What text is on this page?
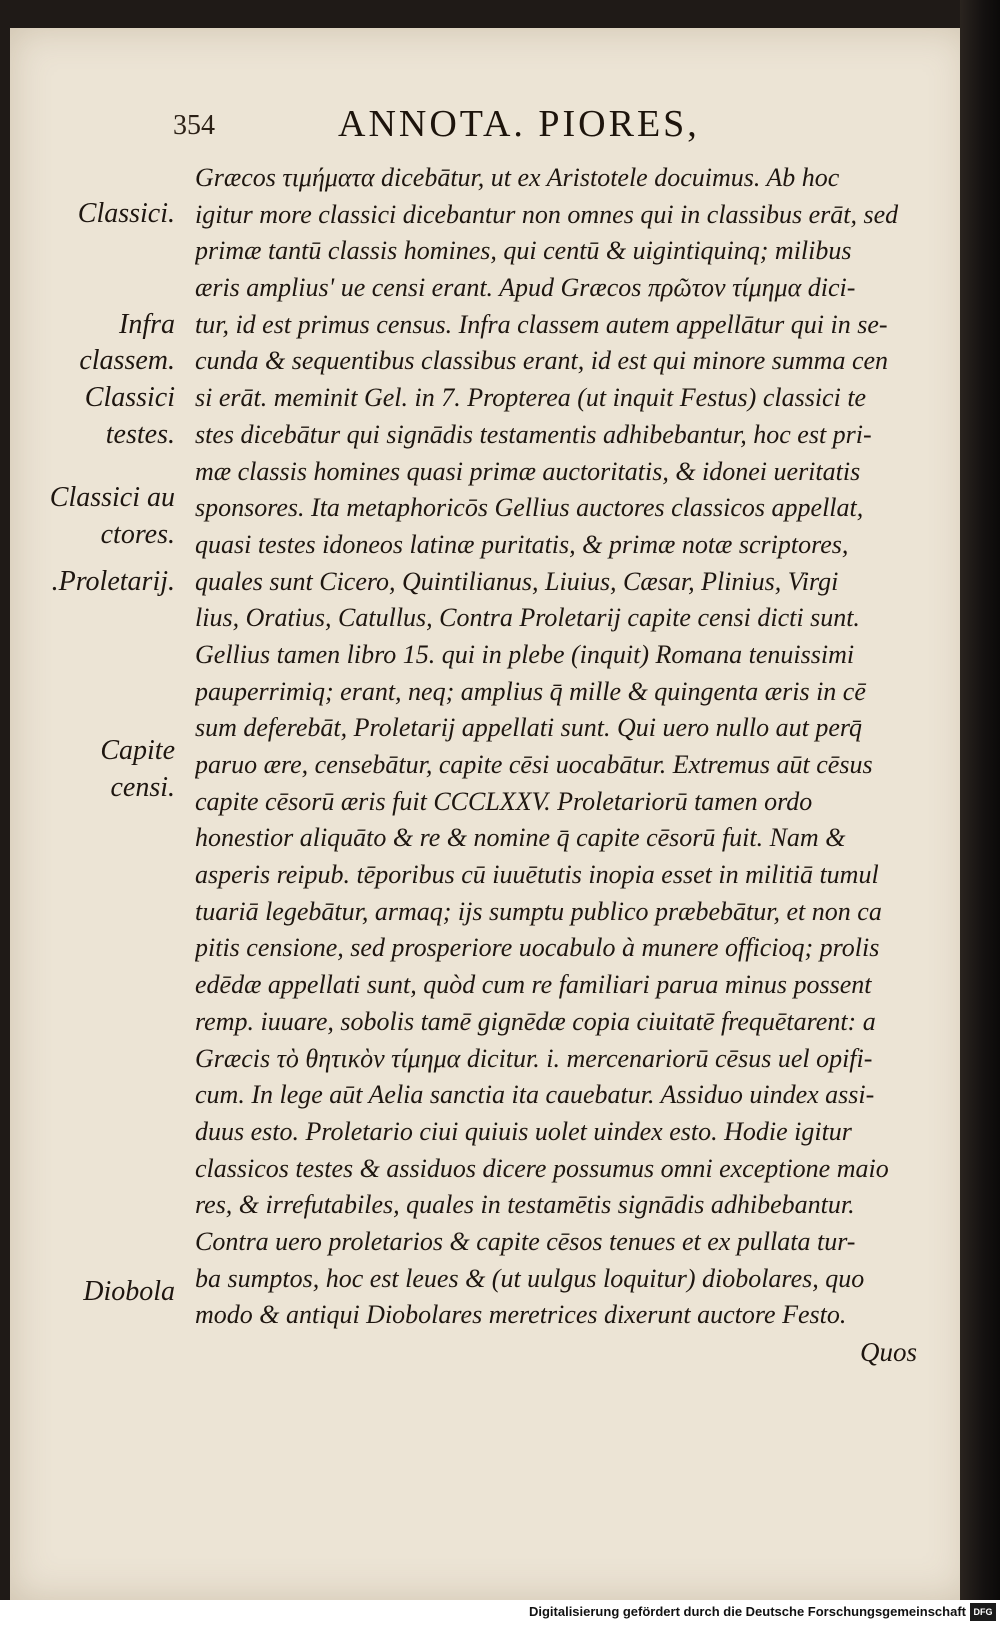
354	ANNOTA. PIORES,
Classici.
Infra
classem.
Classici
testes.
Classici au
ctores.
.Proletarij.
Capite
censi.
Diobola
Græcos τιμήματα dicebātur, ut ex Aristotele docuimus. Ab hoc
igitur more classici dicebantur non omnes qui in classibus erāt, sed
primæ tantū classis homines, qui centū & uigintiquinq; milibus
æris amplius' ue censi erant. Apud Græcos πρῶτον τίμημα dici-
tur, id est primus census. Infra classem autem appellātur qui in se-
cunda & sequentibus classibus erant, id est qui minore summa cen
si erāt. meminit Gel. in 7. Propterea (ut inquit Festus) classici te
stes dicebātur qui signādis testamentis adhibebantur, hoc est pri-
mæ classis homines quasi primæ auctoritatis, & idonei ueritatis
sponsores. Ita metaphoricōs Gellius auctores classicos appellat,
quasi testes idoneos latinæ puritatis, & primæ notæ scriptores,
quales sunt Cicero, Quintilianus, Liuius, Cæsar, Plinius, Virgi
lius, Oratius, Catullus, Contra Proletarij capite censi dicti sunt.
Gellius tamen libro 15. qui in plebe (inquit) Romana tenuissimi
pauperrimiq; erant, neq; amplius q̄ mille & quingenta æris in cē
sum deferebāt, Proletarij appellati sunt. Qui uero nullo aut perq̄
paruo ære, censebātur, capite cēsi uocabātur. Extremus aūt cēsus
capite cēsorū æris fuit CCCLXXV. Proletariorū tamen ordo
honestior aliquāto & re & nomine q̄ capite cēsorū fuit. Nam &
asperis reipub. tēporibus cū iuuētutis inopia esset in militiā tumul
tuariā legebātur, armaq; ijs sumptu publico præbebātur, et non ca
pitis censione, sed prosperiore uocabulo à munere officioq; prolis
edēdæ appellati sunt, quòd cum re familiari parua minus possent
remp. iuuare, sobolis tamē gignēdæ copia ciuitatē frequētarent: a
Græcis τὸ θητικὸν τίμημα dicitur. i. mercenariorū cēsus uel opifi-
cum. In lege aūt Aelia sanctia ita cauebatur. Assiduo uindex assi-
duus esto. Proletario ciui quiuis uolet uindex esto. Hodie igitur
classicos testes & assiduos dicere possumus omni exceptione maio
res, & irrefutabiles, quales in testamētis signādis adhibebantur.
Contra uero proletarios & capite cēsos tenues et ex pullata tur-
ba sumptos, hoc est leues & (ut uulgus loquitur) diobolares, quo
modo & antiqui Diobolares meretrices dixerunt auctore Festo.
Quos
Digitalisierung gefördert durch die Deutsche Forschungsgemeinschaft DFG
